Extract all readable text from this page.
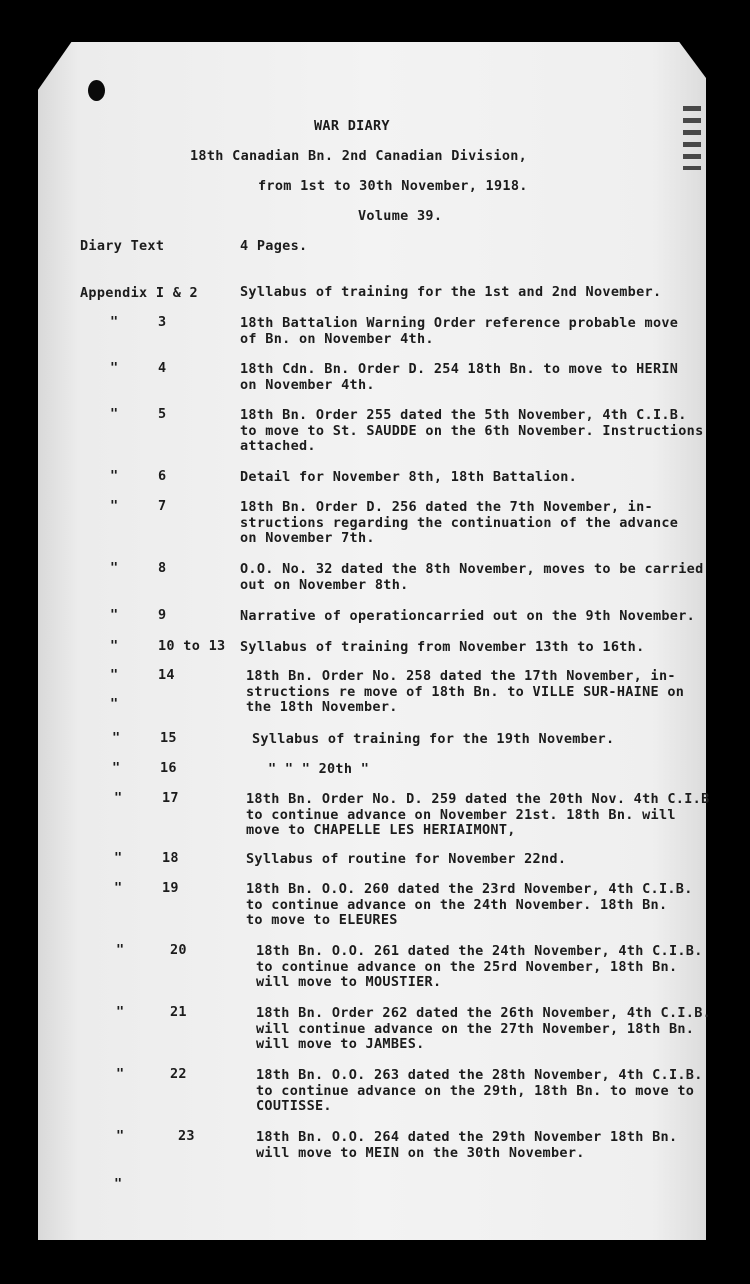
WAR DIARY
18th Canadian Bn. 2nd Canadian Division,
from 1st to 30th November, 1918.
Volume 39.
Diary Text	4 Pages.
Appendix I & 2	Syllabus of training for the 1st and 2nd November.
"	3	18th Battalion Warning Order reference probable move
of Bn. on November 4th.
"	4	18th Cdn. Bn. Order D. 254 18th Bn. to move to HERIN
on November 4th.
"	5	18th Bn. Order 255 dated the 5th November, 4th C.I.B.
to move to St. SAUDDE on the 6th November. Instructions
attached.
"	6	Detail for November 8th, 18th Battalion.
"	7	18th Bn. Order D. 256 dated the 7th November, in-
structions regarding the continuation of the advance
on November 7th.
"	8	O.O. No. 32 dated the 8th November, moves to be carried
out on November 8th.
"	9	Narrative of operationcarried out on the 9th November.
"	10 to 13 Syllabus of training from November 13th to 16th.
"	14	18th Bn. Order No. 258 dated the 17th November, in-
structions re move of 18th Bn. to VILLE SUR-HAINE on
the 18th November.
"
"	15	Syllabus of training for the 19th November.
"	16	" " " 20th "
"	17	18th Bn. Order No. D. 259 dated the 20th Nov. 4th C.I.B
to continue advance on November 21st. 18th Bn. will
move to CHAPELLE LES HERIAIMONT,
"	18	Syllabus of routine for November 22nd.
"	19	18th Bn. O.O. 260 dated the 23rd November, 4th C.I.B.
to continue advance on the 24th November. 18th Bn.
to move to ELEURES
"	20	18th Bn. O.O. 261 dated the 24th November, 4th C.I.B.
to continue advance on the 25rd November, 18th Bn.
will move to MOUSTIER.
"	21	18th Bn. Order 262 dated the 26th November, 4th C.I.B.
will continue advance on the 27th November, 18th Bn.
will move to JAMBES.
"	22	18th Bn. O.O. 263 dated the 28th November, 4th C.I.B.
to continue advance on the 29th, 18th Bn. to move to
COUTISSE.
"	23	18th Bn. O.O. 264 dated the 29th November 18th Bn.
will move to MEIN on the 30th November.
"
